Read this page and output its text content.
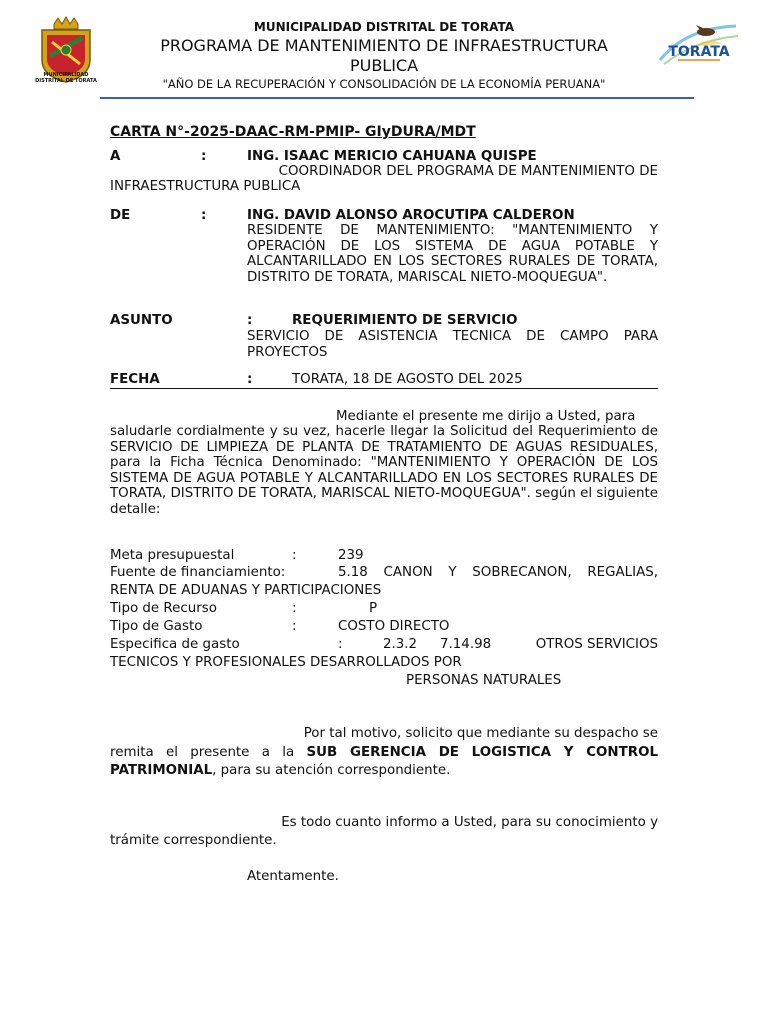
MUNICIPALIDAD DISTRITAL DE TORATA
TORATA
MUNICIPALIDAD DISTRITAL DE TORATA
PROGRAMA DE MANTENIMIENTO DE INFRAESTRUCTURA
PUBLICA
"AÑO DE LA RECUPERACIÓN Y CONSOLIDACIÓN DE LA ECONOMÍA PERUANA"
CARTA N°-2025-DAAC-RM-PMIP- GIyDURA/MDT
A	:	ING. ISAAC MERICIO CAHUANA QUISPE
COORDINADOR DEL PROGRAMA DE MANTENIMIENTO DE
INFRAESTRUCTURA PUBLICA
DE	:	ING. DAVID ALONSO AROCUTIPA CALDERON
RESIDENTE DE MANTENIMIENTO: "MANTENIMIENTO Y OPERACIÓN DE LOS SISTEMA DE AGUA POTABLE Y ALCANTARILLADO EN LOS SECTORES RURALES DE TORATA, DISTRITO DE TORATA, MARISCAL NIETO-MOQUEGUA".
ASUNTO	:	REQUERIMIENTO DE SERVICIO
SERVICIO DE ASISTENCIA TECNICA DE CAMPO PARA PROYECTOS
FECHA	:	TORATA, 18 DE AGOSTO DEL 2025
Mediante el presente me dirijo a Usted, para
saludarle cordialmente y su vez, hacerle llegar la Solicitud del Requerimiento de SERVICIO DE LIMPIEZA DE PLANTA DE TRATAMIENTO DE AGUAS RESIDUALES, para la Ficha Técnica Denominado: "MANTENIMIENTO Y OPERACIÓN DE LOS SISTEMA DE AGUA POTABLE Y ALCANTARILLADO EN LOS SECTORES RURALES DE TORATA, DISTRITO DE TORATA, MARISCAL NIETO-MOQUEGUA". según el siguiente detalle:
Meta presupuestal	:	239
Fuente de financiamiento:	5.18 CANON Y SOBRECANON, REGALIAS,
RENTA DE ADUANAS Y PARTICIPACIONES
Tipo de Recurso	:	P
Tipo de Gasto	:	COSTO DIRECTO
Especifica de gasto	:	2.3.2 7.14.98	OTROS SERVICIOS
TECNICOS Y PROFESIONALES DESARROLLADOS POR
PERSONAS NATURALES
Por tal motivo, solicito que mediante su despacho se
remita el presente a la SUB GERENCIA DE LOGISTICA Y CONTROL PATRIMONIAL, para su atención correspondiente.
Es todo cuanto informo a Usted, para su conocimiento y
trámite correspondiente.
Atentamente.
